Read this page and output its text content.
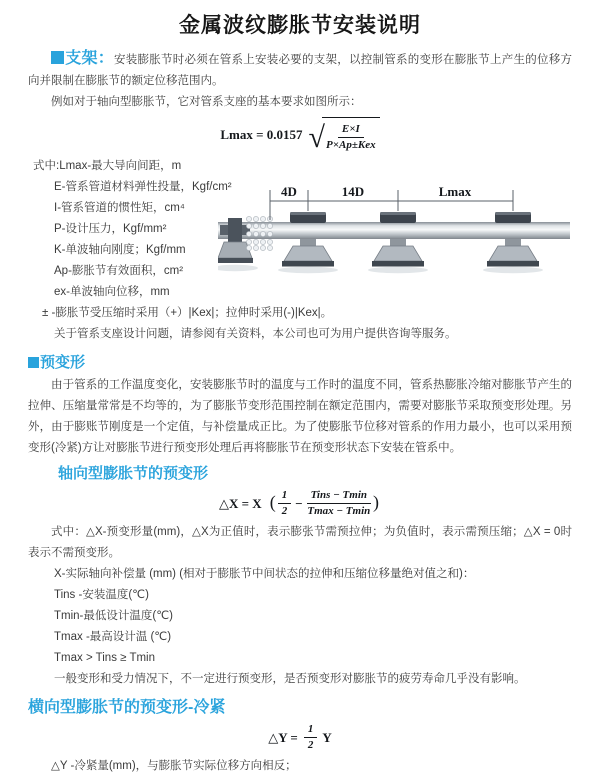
金属波纹膨胀节安装说明

支架：安装膨胀节时必须在管系上安装必要的支架，以控制管系的变形在膨胀节上产生的位移方向并限制在膨胀节的额定位移范围内。

例如对于轴向型膨胀节，它对管系支座的基本要求如图所示：

Lmax = 0.0157 √ $\frac{E\times I}{\text{P×Ap±Kex}}$
式中:Lmax-最大导向间距，m
E-管系管道材料弹性投量，Kgf/cm²
I-管系管道的惯性矩，cm⁴
P-设计压力，Kgf/mm²
K-单波轴向刚度；Kgf/mm
Ap-膨胀节有效面积，cm²
ex-单波轴向位移，mm
± -膨胀节受压缩时采用（+）|Kex|；拉伸时采用(-)|Kex|。
关于管系支座设计问题，请参阅有关资料，本公司也可为用户提供咨询等服务。
4D	14D	Lmax
预变形

由于管系的工作温度变化，安装膨胀节时的温度与工作时的温度不同，管系热膨胀冷缩对膨胀节产生的拉伸、压缩量常常是不均等的，为了膨胀节变形范围控制在额定范围内，需要对膨胀节采取预变形处理。另外，由于膨账节刚度是一个定值，与补偿量成正比。为了使膨胀节位移对管系的作用力最小，也可以采用预变形(冷紧)方让对膨胀节进行预变形处理后再将膨胀节在预变形状态下安装在管系中。

轴向型膨胀节的预变形
△X = X ( $\frac{1}{2} - \frac{\text{Tins − Tmin}}{Tmax - Tmin}$ )

式中：△X-预变形量(mm)，△X为正值时，表示膨张节需预拉伸；为负值时，表示需预压缩；△X = 0时表示不需预变形。

X-实际轴向补偿量 (mm) (相对于膨胀节中间状态的拉伸和压缩位移量绝对值之和)：
Tins -安装温度(℃)
Tmin-最低设计温度(℃)
Tmax -最高设计温 (℃)
Tmax > Tins ≥ Tmin
一般变形和受力情况下，不一定进行预变形，是否预变形对膨胀节的疲劳寿命几乎没有影响。
横向型膨胀节的预变形-冷紧
△Y = $\frac{1}{2}$ Y

△Y -冷紧量(mm)，与膨胀节实际位移方向相反；
